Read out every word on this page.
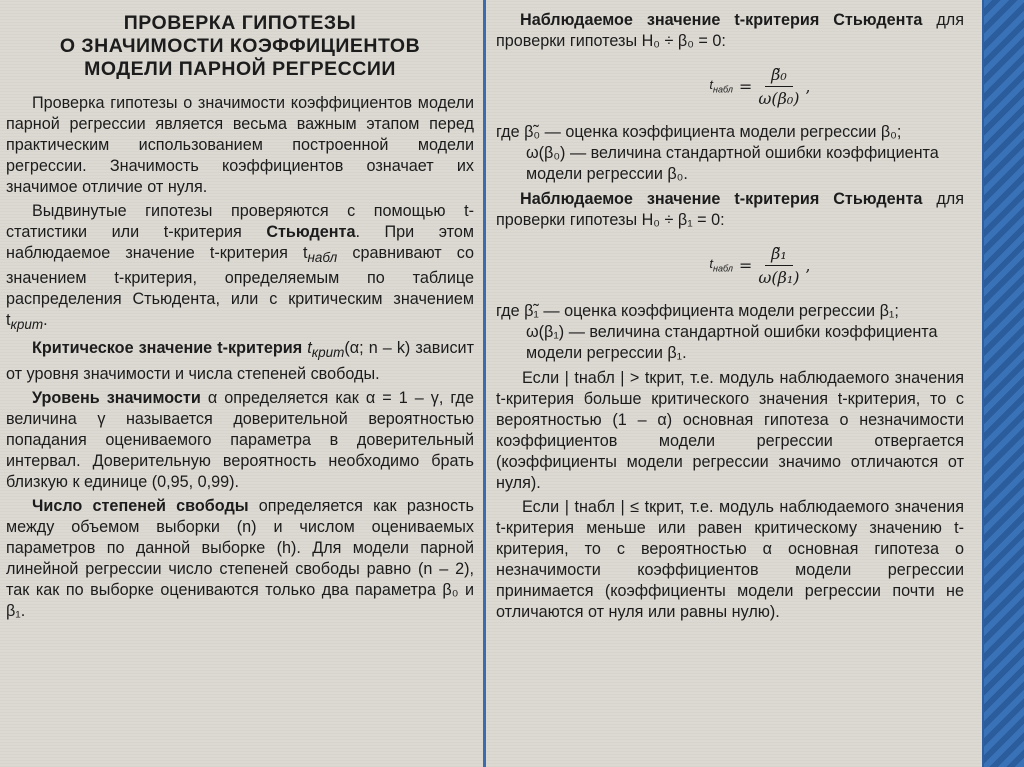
ПРОВЕРКА ГИПОТЕЗЫ
О ЗНАЧИМОСТИ КОЭФФИЦИЕНТОВ
МОДЕЛИ ПАРНОЙ РЕГРЕССИИ

Проверка гипотезы о значимости коэффициентов модели парной регрессии является весьма важным этапом перед практическим использованием построенной модели регрессии. Значимость коэффициентов означает их значимое отличие от нуля.

Выдвинутые гипотезы проверяются с помощью t-статистики или t-критерия Стьюдента. При этом наблюдаемое значение t-критерия $t_{набл}$ сравнивают со значением t-критерия, определяемым по таблице распределения Стьюдента, или с критическим значением $t_{крит}$.

Критическое значение t-критерия $t_{крит}(\alpha$; n – k) зависит от уровня значимости и числа степеней свободы.

Уровень значимости α определяется как α = 1 – γ, где величина γ называется доверительной вероятностью попадания оцениваемого параметра в доверительный интервал. Доверительную вероятность необходимо брать близкую к единице (0,95, 0,99).

Число степеней свободы определяется как разность между объемом выборки (n) и числом оцениваемых параметров по данной выборке (h). Для модели парной линейной регрессии число степеней свободы равно (n – 2), так как по выборке оцениваются только два параметра β₀ и β₁.

Наблюдаемое значение t-критерия Стьюдента для проверки гипотезы H₀ ÷ β₀ = 0:

$t_{набл} = \frac{\text{β̃₀}}{\text{ω(β₀)}}$ ,

где β̃₀ — оценка коэффициента модели регрессии β₀;

ω(β₀) — величина стандартной ошибки коэффициента модели регрессии β₀.

Наблюдаемое значение t-критерия Стьюдента для проверки гипотезы H₀ ÷ β₁ = 0:

$t_{набл} = \frac{\text{β̃₁}}{\text{ω(β₁)}}$ ,

где β̃₁ — оценка коэффициента модели регрессии β₁;

ω(β₁) — величина стандартной ошибки коэффициента модели регрессии β₁.

Если | tнабл | > tкрит, т.е. модуль наблюдаемого значения t-критерия больше критического значения t-критерия, то с вероятностью (1 – α) основная гипотеза о незначимости коэффициентов модели регрессии отвергается (коэффициенты модели регрессии значимо отличаются от нуля).

Если | tнабл | ≤ tкрит, т.е. модуль наблюдаемого значения t-критерия меньше или равен критическому значению t-критерия, то с вероятностью α основная гипотеза о незначимости коэффициентов модели регрессии принимается (коэффициенты модели регрессии почти не отличаются от нуля или равны нулю).
